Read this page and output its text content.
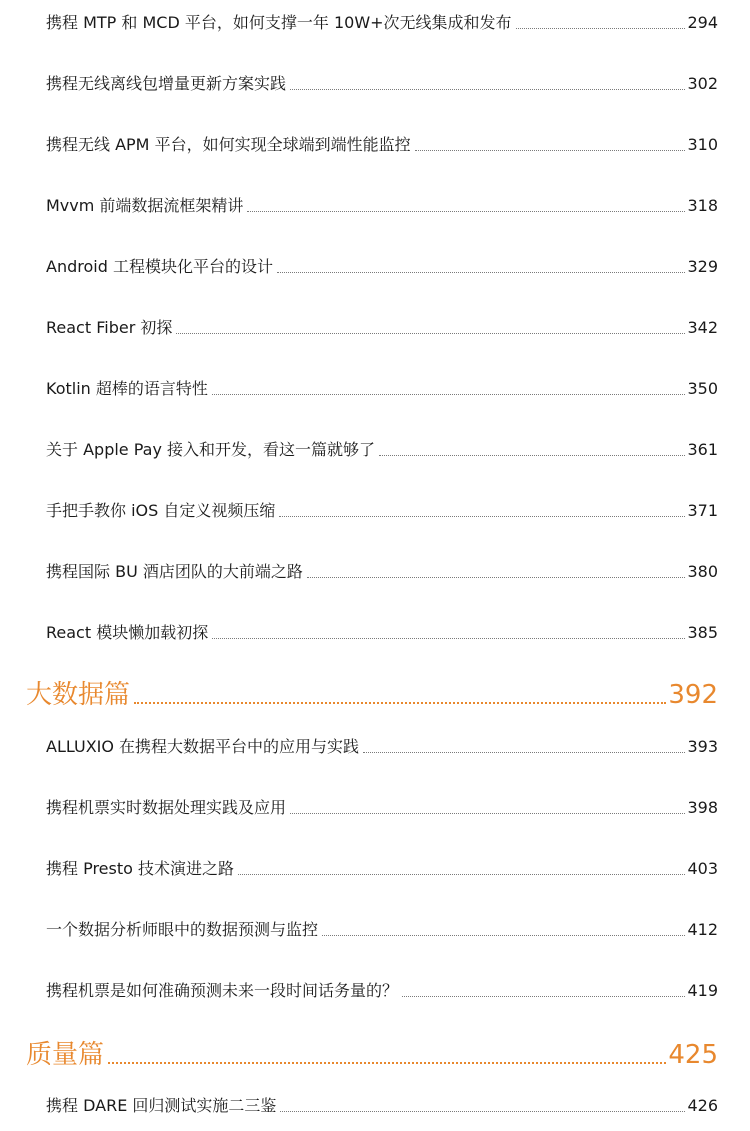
携程 MTP 和 MCD 平台，如何支撑一年 10W+次无线集成和发布	294
携程无线离线包增量更新方案实践	302
携程无线 APM 平台，如何实现全球端到端性能监控	310
Mvvm 前端数据流框架精讲	318
Android 工程模块化平台的设计	329
React Fiber 初探	342
Kotlin 超棒的语言特性	350
关于 Apple Pay 接入和开发，看这一篇就够了	361
手把手教你 iOS 自定义视频压缩	371
携程国际 BU 酒店团队的大前端之路	380
React 模块懒加载初探	385
大数据篇	392
ALLUXIO 在携程大数据平台中的应用与实践	393
携程机票实时数据处理实践及应用	398
携程 Presto 技术演进之路	403
一个数据分析师眼中的数据预测与监控	412
携程机票是如何准确预测未来一段时间话务量的？	419
质量篇	425
携程 DARE 回归测试实施二三鉴	426
